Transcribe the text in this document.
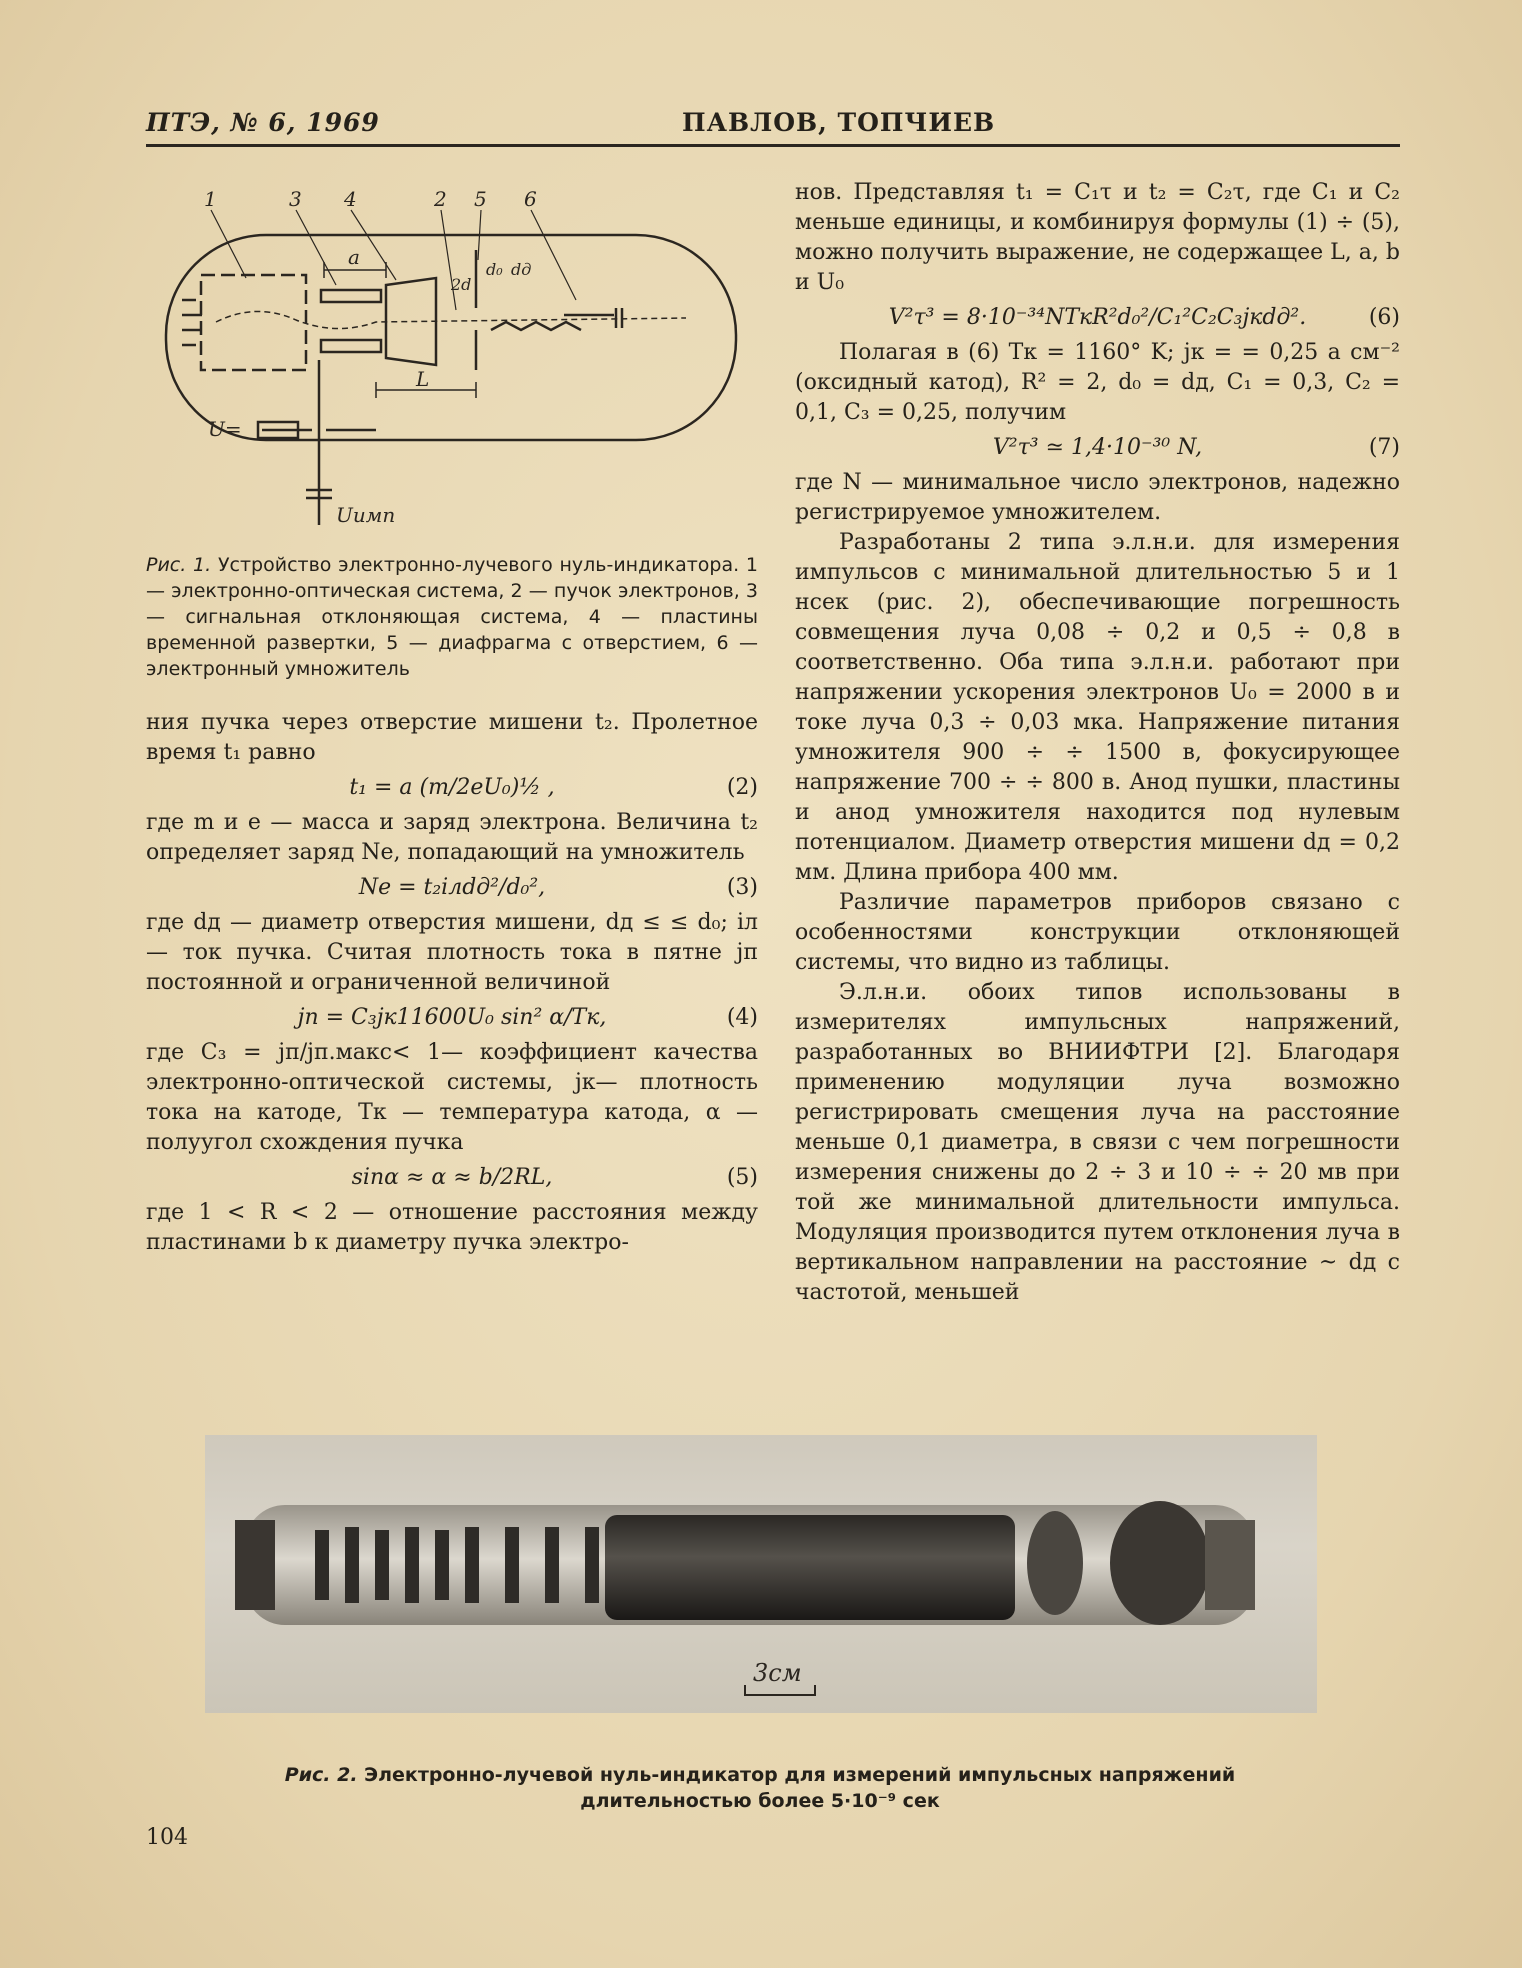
ПТЭ, № 6, 1969	ПАВЛОВ, ТОПЧИЕВ
1	3 4	2 5 6
a
L
2d
d₀ dд
U=
Uимп
Рис. 1. Устройство электронно-лучевого нуль-индикатора. 1 — электронно-оптическая система, 2 — пучок электронов, 3 — сигнальная отклоняющая система, 4 — пластины временной развертки, 5 — диафрагма с отверстием, 6 — электронный умножитель

ния пучка через отверстие мишени t₂. Пролетное время t₁ равно

t₁ = a (m/2eU₀)½ ,	(2)

где m и e — масса и заряд электрона. Величина t₂ определяет заряд Ne, попадающий на умножитель

Ne = t₂iлdд²/d₀²,	(3)

где dд — диаметр отверстия мишени, dд ≤ ≤ d₀; iл — ток пучка. Считая плотность тока в пятне jп постоянной и ограниченной величиной

jп = C₃jк11600U₀ sin² α/Tк,	(4)

где C₃ = jп/jп.макс< 1— коэффициент качества электронно-оптической системы, jк— плотность тока на катоде, Tк — температура катода, α — полуугол схождения пучка

sinα ≈ α ≈ b/2RL,	(5)

где 1 < R < 2 — отношение расстояния между пластинами b к диаметру пучка электро-

нов. Представляя t₁ = C₁τ и t₂ = C₂τ, где C₁ и C₂ меньше единицы, и комбинируя формулы (1) ÷ (5), можно получить выражение, не содержащее L, a, b и U₀

V²τ³ = 8·10⁻³⁴NTкR²d₀²/C₁²C₂C₃jкdд².	(6)

Полагая в (6) Tк = 1160° K; jк = = 0,25 а см⁻² (оксидный катод), R² = 2, d₀ = dд, C₁ = 0,3, C₂ = 0,1, C₃ = 0,25, получим

V²τ³ ≃ 1,4·10⁻³⁰ N,	(7)

где N — минимальное число электронов, надежно регистрируемое умножителем.

Разработаны 2 типа э.л.н.и. для измерения импульсов с минимальной длительностью 5 и 1 нсек (рис. 2), обеспечивающие погрешность совмещения луча 0,08 ÷ 0,2 и 0,5 ÷ 0,8 в соответственно. Оба типа э.л.н.и. работают при напряжении ускорения электронов U₀ = 2000 в и токе луча 0,3 ÷ 0,03 мка. Напряжение питания умножителя 900 ÷ ÷ 1500 в, фокусирующее напряжение 700 ÷ ÷ 800 в. Анод пушки, пластины и анод умножителя находится под нулевым потенциалом. Диаметр отверстия мишени dд = 0,2 мм. Длина прибора 400 мм.

Различие параметров приборов связано с особенностями конструкции отклоняющей системы, что видно из таблицы.

Э.л.н.и. обоих типов использованы в измерителях импульсных напряжений, разработанных во ВНИИФТРИ [2]. Благодаря применению модуляции луча возможно регистрировать смещения луча на расстояние меньше 0,1 диаметра, в связи с чем погрешности измерения снижены до 2 ÷ 3 и 10 ÷ ÷ 20 мв при той же минимальной длительности импульса. Модуляция производится путем отклонения луча в вертикальном направлении на расстояние ~ dд с частотой, меньшей

3см
Рис. 2. Электронно-лучевой нуль-индикатор для измерений импульсных напряжений
длительностью более 5·10⁻⁹ сек
104
